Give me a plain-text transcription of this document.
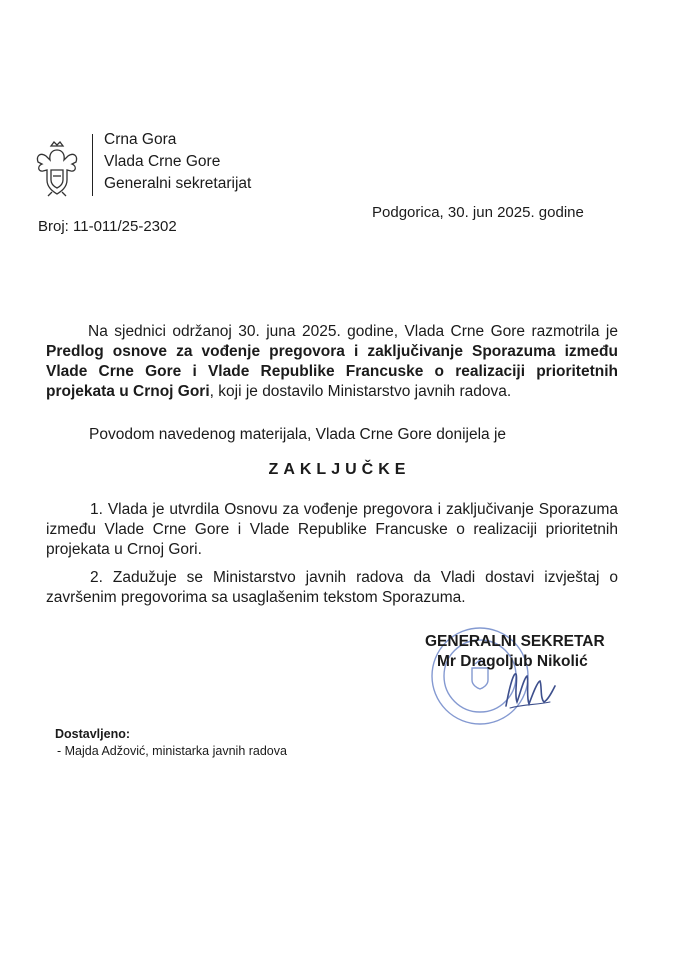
Crna Gora
Vlada Crne Gore
Generalni sekretarijat
Broj: 11-011/25-2302
Podgorica, 30. jun 2025. godine
Na sjednici održanoj 30. juna 2025. godine, Vlada Crne Gore razmotrila je Predlog osnove za vođenje pregovora i zaključivanje Sporazuma između Vlade Crne Gore i Vlade Republike Francuske o realizaciji prioritetnih projekata u Crnoj Gori, koji je dostavilo Ministarstvo javnih radova.
Povodom navedenog materijala, Vlada Crne Gore donijela je
ZAKLJUČKE
1. Vlada je utvrdila Osnovu za vođenje pregovora i zaključivanje Sporazuma između Vlade Crne Gore i Vlade Republike Francuske o realizaciji prioritetnih projekata u Crnoj Gori.
2. Zadužuje se Ministarstvo javnih radova da Vladi dostavi izvještaj o završenim pregovorima sa usaglašenim tekstom Sporazuma.
GENERALNI SEKRETAR
Mr Dragoljub Nikolić
Dostavljeno:
- Majda Adžović, ministarka javnih radova
